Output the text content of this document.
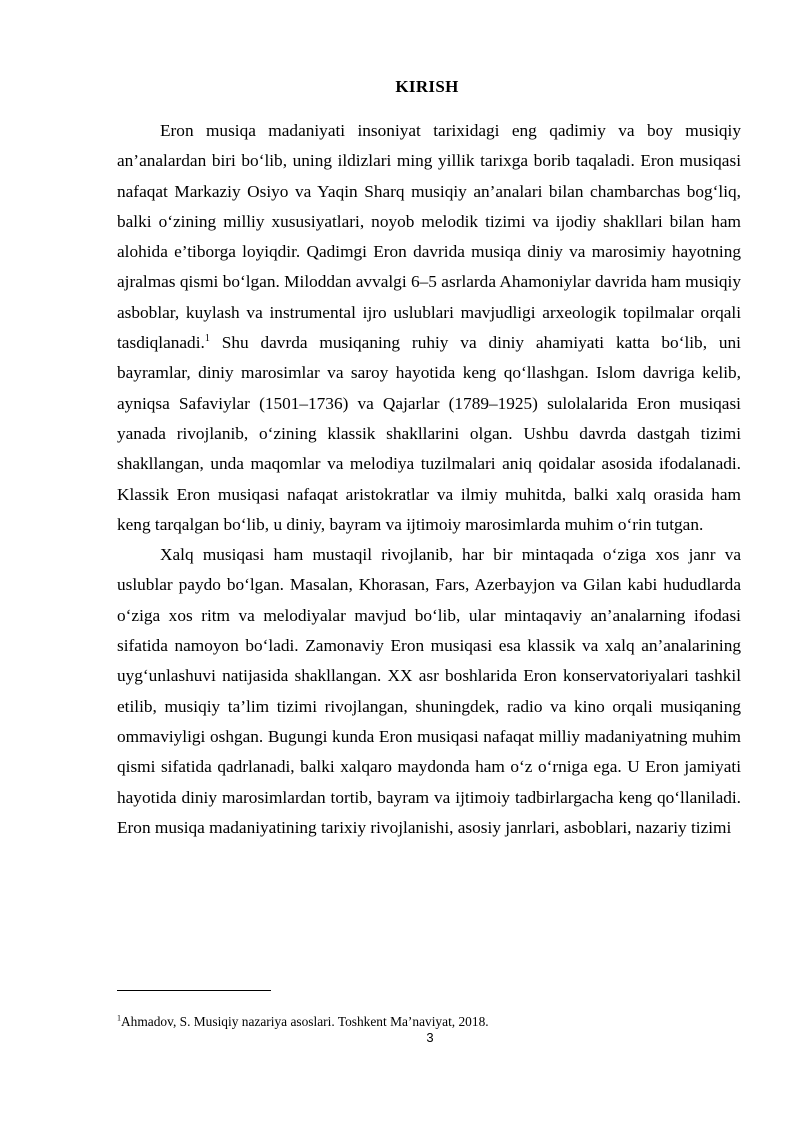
KIRISH

Eron musiqa madaniyati insoniyat tarixidagi eng qadimiy va boy musiqiy an’analardan biri bo‘lib, uning ildizlari ming yillik tarixga borib taqaladi. Eron musiqasi nafaqat Markaziy Osiyo va Yaqin Sharq musiqiy an’analari bilan chambarchas bog‘liq, balki o‘zining milliy xususiyatlari, noyob melodik tizimi va ijodiy shakllari bilan ham alohida e’tiborga loyiqdir. Qadimgi Eron davrida musiqa diniy va marosimiy hayotning ajralmas qismi bo‘lgan. Miloddan avvalgi 6–5 asrlarda Ahamoniylar davrida ham musiqiy asboblar, kuylash va instrumental ijro uslublari mavjudligi arxeologik topilmalar orqali tasdiqlanadi.$^1$ Shu davrda musiqaning ruhiy va diniy ahamiyati katta bo‘lib, uni bayramlar, diniy marosimlar va saroy hayotida keng qo‘llashgan. Islom davriga kelib, ayniqsa Safaviylar (1501–1736) va Qajarlar (1789–1925) sulolalarida Eron musiqasi yanada rivojlanib, o‘zining klassik shakllarini olgan. Ushbu davrda dastgah tizimi shakllangan, unda maqomlar va melodiya tuzilmalari aniq qoidalar asosida ifodalanadi. Klassik Eron musiqasi nafaqat aristokratlar va ilmiy muhitda, balki xalq orasida ham keng tarqalgan bo‘lib, u diniy, bayram va ijtimoiy marosimlarda muhim o‘rin tutgan.

Xalq musiqasi ham mustaqil rivojlanib, har bir mintaqada o‘ziga xos janr va uslublar paydo bo‘lgan. Masalan, Khorasan, Fars, Azerbayjon va Gilan kabi hududlarda o‘ziga xos ritm va melodiyalar mavjud bo‘lib, ular mintaqaviy an’analarning ifodasi sifatida namoyon bo‘ladi. Zamonaviy Eron musiqasi esa klassik va xalq an’analarining uyg‘unlashuvi natijasida shakllangan. XX asr boshlarida Eron konservatoriyalari tashkil etilib, musiqiy ta’lim tizimi rivojlangan, shuningdek, radio va kino orqali musiqaning ommaviyligi oshgan. Bugungi kunda Eron musiqasi nafaqat milliy madaniyatning muhim qismi sifatida qadrlanadi, balki xalqaro maydonda ham o‘z o‘rniga ega. U Eron jamiyati hayotida diniy marosimlardan tortib, bayram va ijtimoiy tadbirlargacha keng qo‘llaniladi. Eron musiqa madaniyatining tarixiy rivojlanishi, asosiy janrlari, asboblari, nazariy tizimi

$^1$Ahmadov, S. Musiqiy nazariya asoslari. Toshkent Ma’naviyat, 2018.
3
